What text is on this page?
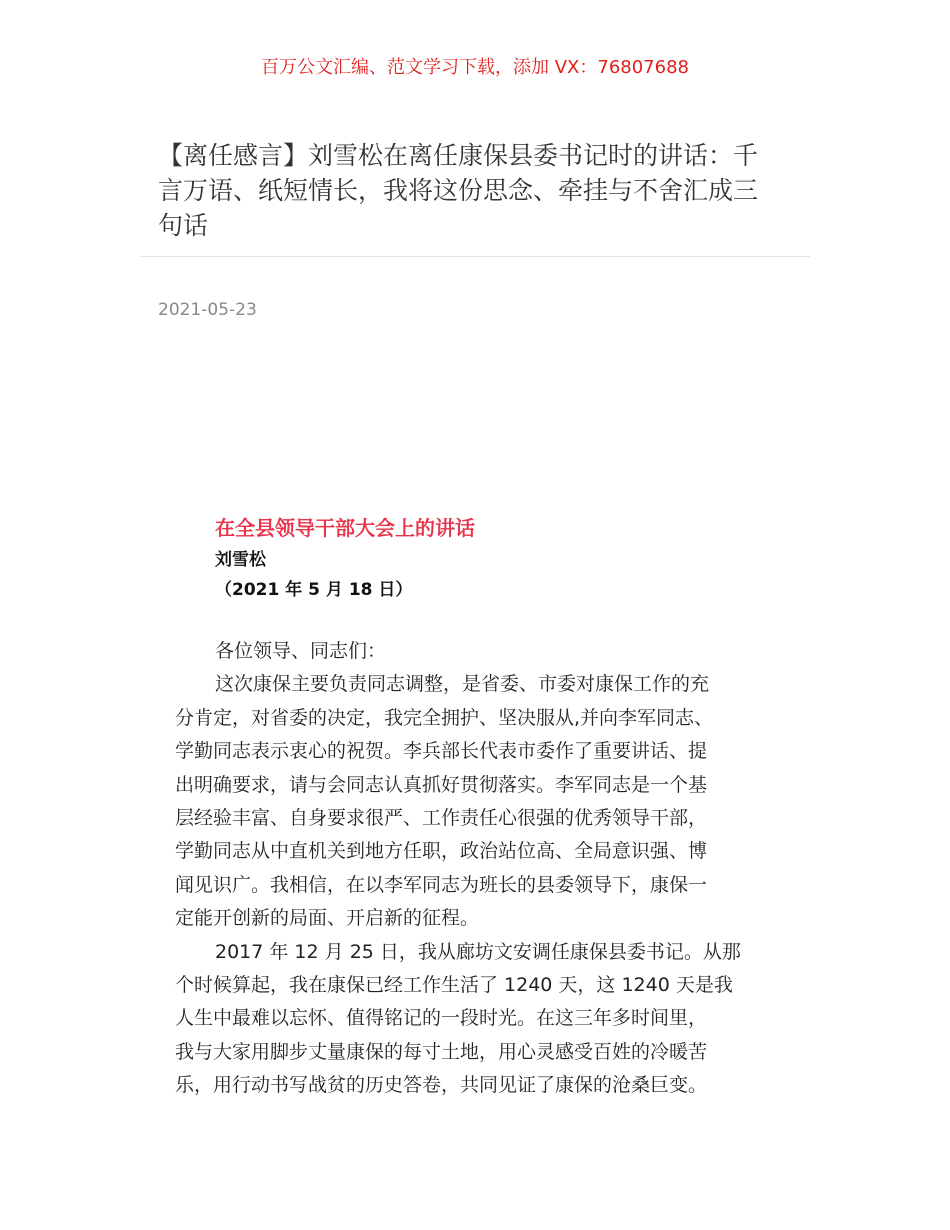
百万公文汇编、范文学习下载，添加 VX：76807688
【离任感言】刘雪松在离任康保县委书记时的讲话：千
言万语、纸短情长，我将这份思念、牵挂与不舍汇成三
句话
2021-05-23
在全县领导干部大会上的讲话
刘雪松
（2021 年 5 月 18 日）
各位领导、同志们：
这次康保主要负责同志调整，是省委、市委对康保工作的充
分肯定，对省委的决定，我完全拥护、坚决服从,并向李军同志、
学勤同志表示衷心的祝贺。李兵部长代表市委作了重要讲话、提
出明确要求，请与会同志认真抓好贯彻落实。李军同志是一个基
层经验丰富、自身要求很严、工作责任心很强的优秀领导干部，
学勤同志从中直机关到地方任职，政治站位高、全局意识强、博
闻见识广。我相信，在以李军同志为班长的县委领导下，康保一
定能开创新的局面、开启新的征程。
2017 年 12 月 25 日，我从廊坊文安调任康保县委书记。从那
个时候算起，我在康保已经工作生活了 1240 天，这 1240 天是我
人生中最难以忘怀、值得铭记的一段时光。在这三年多时间里，
我与大家用脚步丈量康保的每寸土地，用心灵感受百姓的冷暖苦
乐，用行动书写战贫的历史答卷，共同见证了康保的沧桑巨变。
